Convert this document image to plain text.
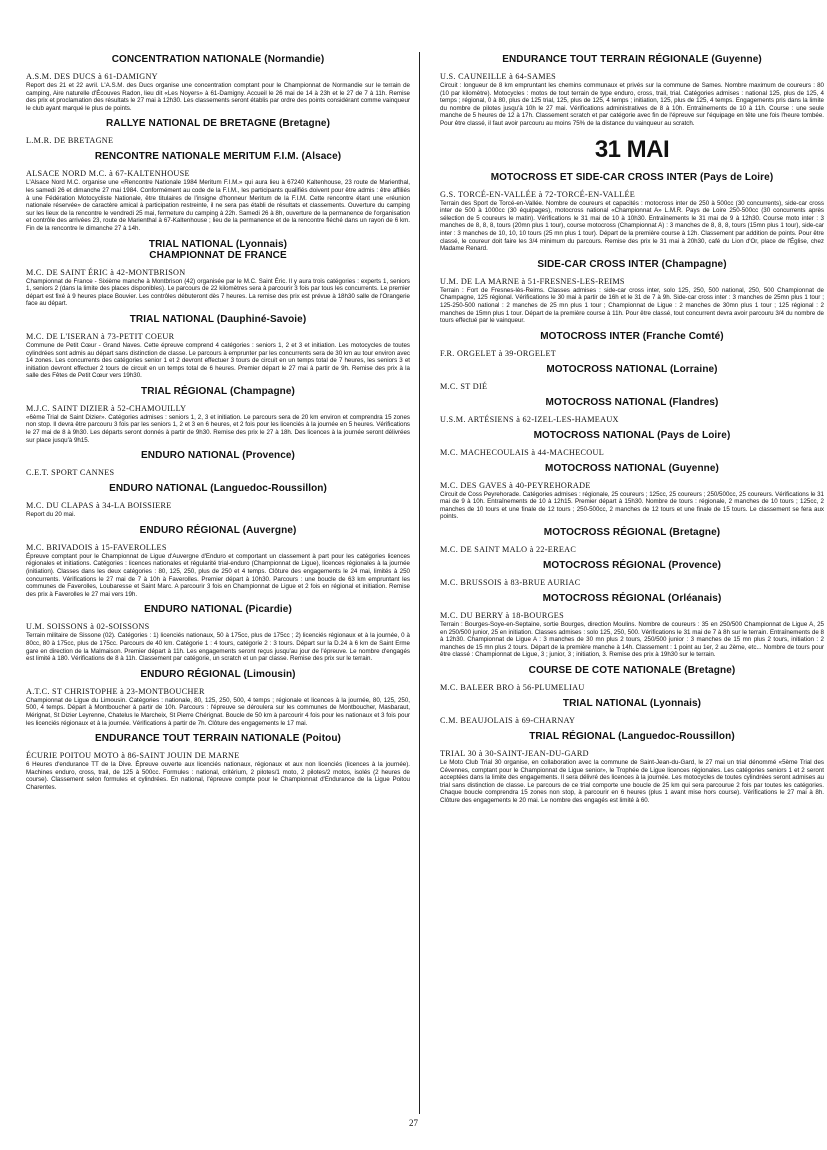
CONCENTRATION NATIONALE (Normandie)
A.S.M. DES DUCS à 61-DAMIGNY

Report des 21 et 22 avril. L'A.S.M. des Ducs organise une concentration comptant pour le Championnat de Normandie sur le terrain de camping, Aire naturelle d'Écouves Radon, lieu dit «Les Noyers» à 61-Damigny. Accueil le 26 mai de 14 à 23h et le 27 de 7 à 11h. Remise des prix et proclamation des résultats le 27 mai à 12h30. Les classements seront établis par ordre des points considérant comme vainqueur le club ayant marqué le plus de points.

RALLYE NATIONAL DE BRETAGNE (Bretagne)
L.M.R. DE BRETAGNE
RENCONTRE NATIONALE MERITUM F.I.M. (Alsace)
ALSACE NORD M.C. à 67-KALTENHOUSE

L'Alsace Nord M.C. organise une «Rencontre Nationale 1984 Meritum F.I.M.» qui aura lieu à 67240 Kaltenhouse, 23 route de Marienthal, les samedi 26 et dimanche 27 mai 1984. Conformément au code de la F.I.M., les participants qualifiés doivent pour être admis : être affiliés à une Fédération Motocycliste Nationale, être titulaires de l'insigne d'honneur Meritum de la F.I.M. Cette rencontre étant une «réunion nationale réservée» de caractère amical à participation restreinte, il ne sera pas établi de résultats et classements. Ouverture du camping sur les lieux de la rencontre le vendredi 25 mai, fermeture du camping à 22h. Samedi 26 à 8h, ouverture de la permanence de l'organisation et contrôle des arrivées 23, route de Marienthal à 67-Kaltenhouse ; lieu de la permanence et de la rencontre fléché dans un rayon de 6 km. Fin de la rencontre le dimanche 27 à 14h.

TRIAL NATIONAL (Lyonnais)
CHAMPIONNAT DE FRANCE
M.C. DE SAINT ÉRIC à 42-MONTBRISON

Championnat de France - Sixième manche à Montbrison (42) organisée par le M.C. Saint Éric. Il y aura trois catégories : experts 1, seniors 1, seniors 2 (dans la limite des places disponibles). Le parcours de 22 kilomètres sera à parcourir 3 fois par tous les concurrents. Le premier départ est fixé à 9 heures place Bouvier. Les contrôles débuteront dès 7 heures. La remise des prix est prévue à 18h30 salle de l'Orangerie face au départ.

TRIAL NATIONAL (Dauphiné-Savoie)
M.C. DE L'ISERAN à 73-PETIT COEUR

Commune de Petit Cœur - Grand Naves. Cette épreuve comprend 4 catégories : seniors 1, 2 et 3 et initiation. Les motocycles de toutes cylindrées sont admis au départ sans distinction de classe. Le parcours à emprunter par les concurrents sera de 30 km au tour environ avec 14 zones. Les concurrents des catégories senior 1 et 2 devront effectuer 3 tours de circuit en un temps total de 7 heures, les seniors 3 et initiation devront effectuer 2 tours de circuit en un temps total de 6 heures. Premier départ le 27 mai à partir de 9h. Remise des prix à la salle des Fêtes de Petit Cœur vers 19h30.

TRIAL RÉGIONAL (Champagne)
M.J.C. SAINT DIZIER à 52-CHAMOUILLY

«6ème Trial de Saint Dizier». Catégories admises : seniors 1, 2, 3 et initiation. Le parcours sera de 20 km environ et comprendra 15 zones non stop. Il devra être parcouru 3 fois par les seniors 1, 2 et 3 en 6 heures, et 2 fois pour les licenciés à la journée en 5 heures. Vérifications le 27 mai de 8 à 9h30. Les départs seront donnés à partir de 9h30. Remise des prix le 27 à 18h. Des licences à la journée seront délivrées sur place jusqu'à 9h15.

ENDURO NATIONAL (Provence)
C.E.T. SPORT CANNES
ENDURO NATIONAL (Languedoc-Roussillon)
M.C. DU CLAPAS à 34-LA BOISSIERE

Report du 20 mai.

ENDURO RÉGIONAL (Auvergne)
M.C. BRIVADOIS à 15-FAVEROLLES

Épreuve comptant pour le Championnat de Ligue d'Auvergne d'Enduro et comportant un classement à part pour les catégories licences régionales et initiations. Catégories : licences nationales et régularité trial-enduro (Championnat de Ligue), licences régionales à la journée (initiation). Classes dans les deux catégories : 80, 125, 250, plus de 250 et 4 temps. Clôture des engagements le 24 mai, limités à 250 concurrents. Vérifications le 27 mai de 7 à 10h à Faverolles. Premier départ à 10h30. Parcours : une boucle de 63 km empruntant les communes de Faverolles, Loubaresse et Saint Marc. A parcourir 3 fois en Championnat de Ligue et 2 fois en régional et initiation. Remise des prix à Faverolles le 27 mai vers 19h.

ENDURO NATIONAL (Picardie)
U.M. SOISSONS à 02-SOISSONS

Terrain militaire de Sissone (02). Catégories : 1) licenciés nationaux, 50 à 175cc, plus de 175cc ; 2) licenciés régionaux et à la journée, 0 à 80cc, 80 à 175cc, plus de 175cc. Parcours de 40 km. Catégorie 1 : 4 tours, catégorie 2 : 3 tours. Départ sur la D.24 à 6 km de Saint Erme gare en direction de la Malmaison. Premier départ à 11h. Les engagements seront reçus jusqu'au jour de l'épreuve. Le nombre d'engagés est limité à 180. Vérifications de 8 à 11h. Classement par catégorie, un scratch et un par classe. Remise des prix sur le terrain.

ENDURO RÉGIONAL (Limousin)
A.T.C. ST CHRISTOPHE à 23-MONTBOUCHER

Championnat de Ligue du Limousin. Catégories : nationale, 80, 125, 250, 500, 4 temps ; régionale et licences à la journée, 80, 125, 250, 500, 4 temps. Départ à Montboucher à partir de 10h. Parcours : l'épreuve se déroulera sur les communes de Montboucher, Masbaraut, Mérignat, St Dizier Leyrenne, Chatelus le Marcheix, St Pierre Chérignat. Boucle de 50 km à parcourir 4 fois pour les nationaux et 3 fois pour les licenciés régionaux et à la journée. Vérifications à partir de 7h. Clôture des engagements le 17 mai.

ENDURANCE TOUT TERRAIN NATIONALE (Poitou)
ÉCURIE POITOU MOTO à 86-SAINT JOUIN DE MARNE

6 Heures d'endurance TT de la Dive. Épreuve ouverte aux licenciés nationaux, régionaux et aux non licenciés (licences à la journée). Machines enduro, cross, trail, de 125 à 500cc. Formules : national, critérium, 2 pilotes/1 moto, 2 pilotes/2 motos, isolés (2 heures de course). Classement selon formules et cylindrées. En national, l'épreuve compte pour le Championnat d'Endurance de la Ligue Poitou Charentes.

ENDURANCE TOUT TERRAIN RÉGIONALE (Guyenne)
U.S. CAUNEILLE à 64-SAMES

Circuit : longueur de 8 km empruntant les chemins communaux et privés sur la commune de Sames. Nombre maximum de coureurs : 80 (10 par kilomètre). Motocycles : motos de tout terrain de type enduro, cross, trail, trial. Catégories admises : national 125, plus de 125, 4 temps ; régional, 0 à 80, plus de 125 trial, 125, plus de 125, 4 temps ; initiation, 125, plus de 125, 4 temps. Engagements pris dans la limite du nombre de pilotes jusqu'à 10h le 27 mai. Vérifications administratives de 8 à 10h. Entraînements de 10 à 11h. Course : une seule manche de 5 heures de 12 à 17h. Classement scratch et par catégorie avec fin de l'épreuve sur l'équipage en tête une fois l'heure tombée. Pour être classé, il faut avoir parcouru au moins 75% de la distance du vainqueur au scratch.

31 MAI
MOTOCROSS ET SIDE-CAR CROSS INTER (Pays de Loire)
G.S. TORCÉ-EN-VALLÉE à 72-TORCÉ-EN-VALLÉE

Terrain des Sport de Torcé-en-Vallée. Nombre de coureurs et capacités : motocross inter de 250 à 500cc (30 concurrents), side-car cross inter de 500 à 1000cc (30 équipages), motocross national «Championnat A» L.M.R. Pays de Loire 250-500cc (30 concurrents après sélection de 5 coureurs le matin). Vérifications le 31 mai de 10 à 10h30. Entraînements le 31 mai de 9 à 12h30. Course moto inter : 3 manches de 8, 8, 8, tours (20mn plus 1 tour), course motocross (Championnat A) : 3 manches de 8, 8, 8, tours (15mn plus 1 tour), side-car inter : 3 manches de 10, 10, 10 tours (25 mn plus 1 tour). Départ de la première course à 12h. Classement par addition de points. Pour être classé, le coureur doit faire les 3/4 minimum du parcours. Remise des prix le 31 mai à 20h30, café du Lion d'Or, place de l'Église, chez Madame Renard.

SIDE-CAR CROSS INTER (Champagne)
U.M. DE LA MARNE à 51-FRESNES-LES-REIMS

Terrain : Fort de Fresnes-lès-Reims. Classes admises : side-car cross inter, solo 125, 250, 500 national, 250, 500 Championnat de Champagne, 125 régional. Vérifications le 30 mai à partir de 16h et le 31 de 7 à 9h. Side-car cross inter : 3 manches de 25mn plus 1 tour ; 125-250-500 national : 2 manches de 25 mn plus 1 tour ; Championnat de Ligue : 2 manches de 30mn plus 1 tour ; 125 régional : 2 manches de 15mn plus 1 tour. Départ de la première course à 11h. Pour être classé, tout concurrent devra avoir parcouru 3/4 du nombre de tours effectué par le vainqueur.

MOTOCROSS INTER (Franche Comté)
F.R. ORGELET à 39-ORGELET
MOTOCROSS NATIONAL (Lorraine)
M.C. ST DIÉ
MOTOCROSS NATIONAL (Flandres)
U.S.M. ARTÉSIENS à 62-IZEL-LES-HAMEAUX
MOTOCROSS NATIONAL (Pays de Loire)
M.C. MACHECOULAIS à 44-MACHECOUL
MOTOCROSS NATIONAL (Guyenne)
M.C. DES GAVES à 40-PEYREHORADE

Circuit de Coss Peyrehorade. Catégories admises : régionale, 25 coureurs ; 125cc, 25 coureurs ; 250/500cc, 25 coureurs. Vérifications le 31 mai de 9 à 10h. Entraînements de 10 à 12h15. Premier départ à 15h30. Nombre de tours : régionale, 2 manches de 10 tours ; 125cc, 2 manches de 10 tours et une finale de 12 tours ; 250-500cc, 2 manches de 12 tours et une finale de 15 tours. Le classement se fera aux points.

MOTOCROSS RÉGIONAL (Bretagne)
M.C. DE SAINT MALO à 22-EREAC
MOTOCROSS RÉGIONAL (Provence)
M.C. BRUSSOIS à 83-BRUE AURIAC
MOTOCROSS RÉGIONAL (Orléanais)
M.C. DU BERRY à 18-BOURGES

Terrain : Bourges-Soye-en-Septaine, sortie Bourges, direction Moulins. Nombre de coureurs : 35 en 250/500 Championnat de Ligue A, 25 en 250/500 junior, 25 en initiation. Classes admises : solo 125, 250, 500. Vérifications le 31 mai de 7 à 8h sur le terrain. Entraînements de 8 à 12h30. Championnat de Ligue A : 3 manches de 30 mn plus 2 tours, 250/500 junior : 3 manches de 15 mn plus 2 tours, initiation : 2 manches de 15 mn plus 2 tours. Départ de la première manche à 14h. Classement : 1 point au 1er, 2 au 2ème, etc... Nombre de tours pour être classé : Championnat de Ligue, 3 ; junior, 3 ; initiation, 3. Remise des prix à 19h30 sur le terrain.

COURSE DE COTE NATIONALE (Bretagne)
M.C. BALEER BRO à 56-PLUMELIAU
TRIAL NATIONAL (Lyonnais)
C.M. BEAUJOLAIS à 69-CHARNAY
TRIAL RÉGIONAL (Languedoc-Roussillon)
TRIAL 30 à 30-SAINT-JEAN-DU-GARD

Le Moto Club Trial 30 organise, en collaboration avec la commune de Saint-Jean-du-Gard, le 27 mai un trial dénommé «5ème Trial des Cévennes, comptant pour le Championnat de Ligue senior», le Trophée de Ligue licences régionales. Les catégories seniors 1 et 2 seront acceptées dans la limite des engagements. Il sera délivré des licences à la journée. Les motocycles de toutes cylindrées seront admises au trial sans distinction de classe. Le parcours de ce trial comporte une boucle de 25 km qui sera parcourue 2 fois par toutes les catégories. Chaque boucle comprendra 15 zones non stop, à parcourir en 6 heures (plus 1 avant mise hors course). Vérifications le 27 mai à 8h. Clôture des engagements le 20 mai. Le nombre des engagés est limité à 60.

27
